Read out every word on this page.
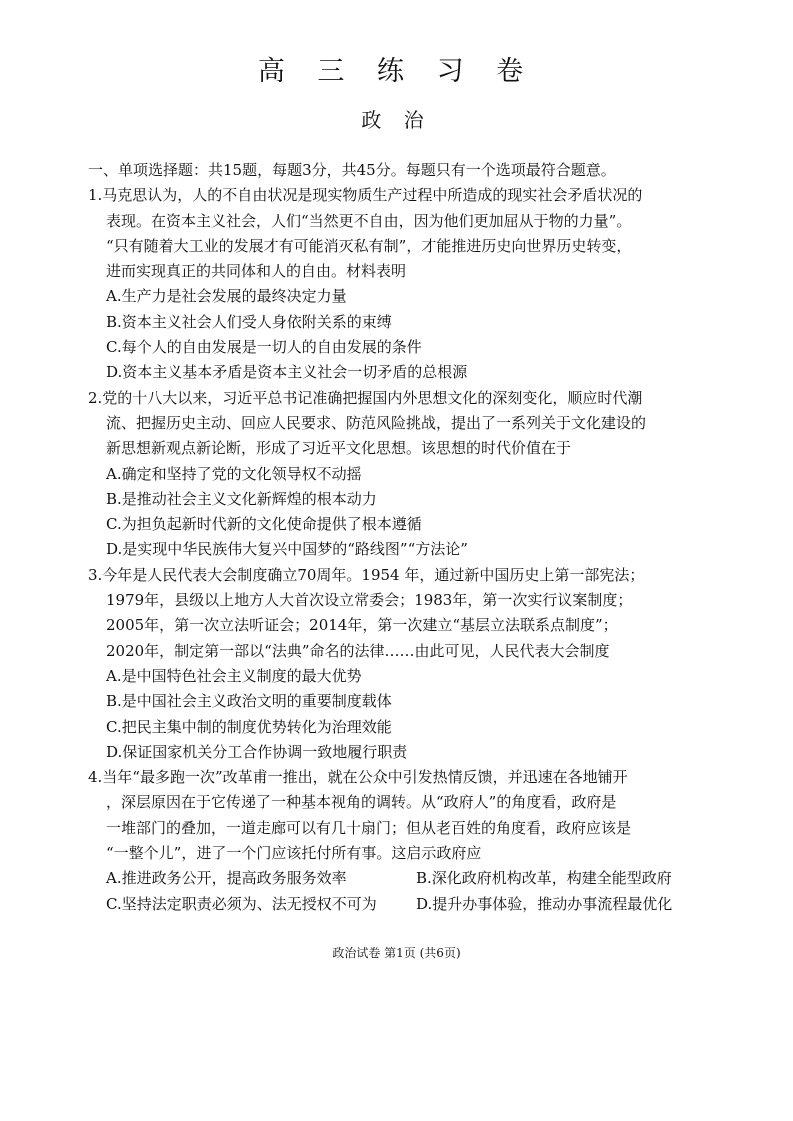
高 三 练 习 卷
政 治
一、单项选择题：共15题，每题3分，共45分。每题只有一个选项最符合题意。
1.马克思认为，人的不自由状况是现实物质生产过程中所造成的现实社会矛盾状况的
表现。在资本主义社会，人们“当然更不自由，因为他们更加屈从于物的力量”。
“只有随着大工业的发展才有可能消灭私有制”，才能推进历史向世界历史转变，
进而实现真正的共同体和人的自由。材料表明
A.生产力是社会发展的最终决定力量
B.资本主义社会人们受人身依附关系的束缚
C.每个人的自由发展是一切人的自由发展的条件
D.资本主义基本矛盾是资本主义社会一切矛盾的总根源
2.党的十八大以来，习近平总书记准确把握国内外思想文化的深刻变化，顺应时代潮
流、把握历史主动、回应人民要求、防范风险挑战，提出了一系列关于文化建设的
新思想新观点新论断，形成了习近平文化思想。该思想的时代价值在于
A.确定和坚持了党的文化领导权不动摇
B.是推动社会主义文化新辉煌的根本动力
C.为担负起新时代新的文化使命提供了根本遵循
D.是实现中华民族伟大复兴中国梦的“路线图”“方法论”
3.今年是人民代表大会制度确立70周年。1954 年，通过新中国历史上第一部宪法；
1979年，县级以上地方人大首次设立常委会；1983年，第一次实行议案制度；
2005年，第一次立法听证会；2014年，第一次建立“基层立法联系点制度”；
2020年，制定第一部以“法典”命名的法律……由此可见，人民代表大会制度
A.是中国特色社会主义制度的最大优势
B.是中国社会主义政治文明的重要制度载体
C.把民主集中制的制度优势转化为治理效能
D.保证国家机关分工合作协调一致地履行职责
4.当年“最多跑一次”改革甫一推出，就在公众中引发热情反馈，并迅速在各地铺开
，深层原因在于它传递了一种基本视角的调转。从“政府人”的角度看，政府是
一堆部门的叠加，一道走廊可以有几十扇门；但从老百姓的角度看，政府应该是
“一整个儿”，进了一个门应该托付所有事。这启示政府应
A.推进政务公开，提高政务服务效率	B.深化政府机构改革，构建全能型政府
C.坚持法定职责必须为、法无授权不可为	D.提升办事体验，推动办事流程最优化
政治试卷 第1页 (共6页)
